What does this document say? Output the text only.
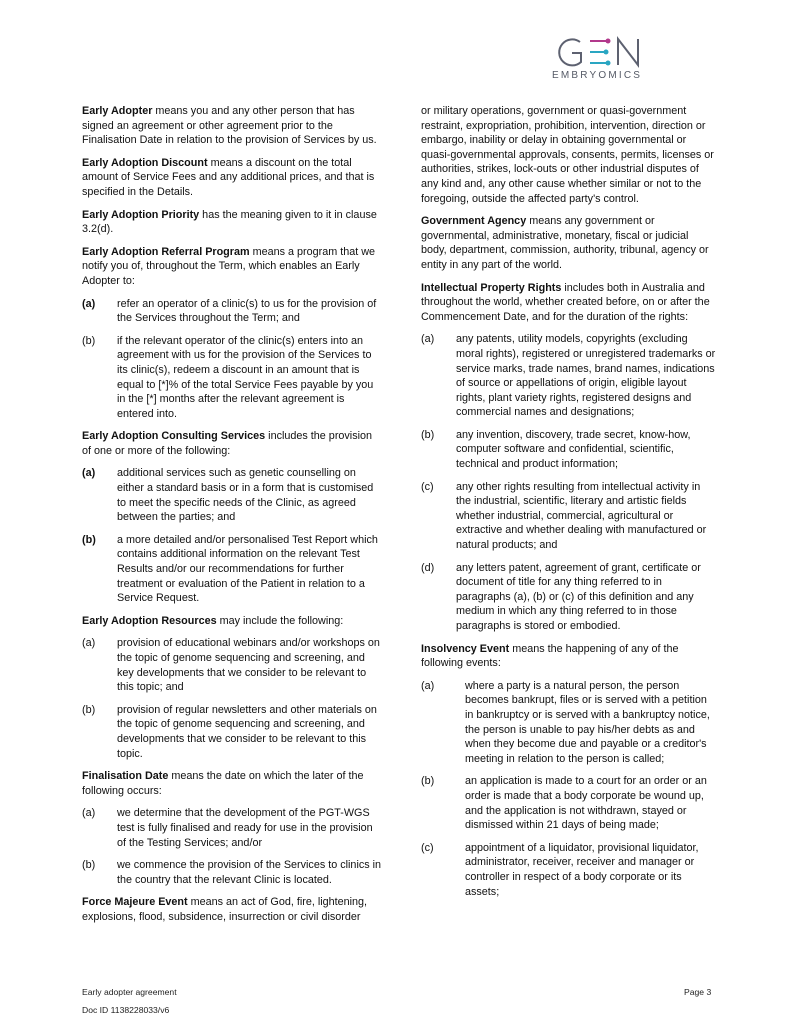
EMBRYOMICS

Early Adopter means you and any other person that has signed an agreement or other agreement prior to the Finalisation Date in relation to the provision of Services by us.

Early Adoption Discount means a discount on the total amount of Service Fees and any additional prices, and that is specified in the Details.

Early Adoption Priority has the meaning given to it in clause 3.2(d).

Early Adoption Referral Program means a program that we notify you of, throughout the Term, which enables an Early Adopter to:

(a) refer an operator of a clinic(s) to us for the provision of the Services throughout the Term; and
(b) if the relevant operator of the clinic(s) enters into an agreement with us for the provision of the Services to its clinic(s), redeem a discount in an amount that is equal to [*]% of the total Service Fees payable by you in the [*] months after the relevant agreement is entered into.

Early Adoption Consulting Services includes the provision of one or more of the following:

(a) additional services such as genetic counselling on either a standard basis or in a form that is customised to meet the specific needs of the Clinic, as agreed between the parties; and
(b) a more detailed and/or personalised Test Report which contains additional information on the relevant Test Results and/or our recommendations for further treatment or evaluation of the Patient in relation to a Service Request.

Early Adoption Resources may include the following:

(a) provision of educational webinars and/or workshops on the topic of genome sequencing and screening, and key developments that we consider to be relevant to this topic; and
(b) provision of regular newsletters and other materials on the topic of genome sequencing and screening, and developments that we consider to be relevant to this topic.

Finalisation Date means the date on which the later of the following occurs:

(a) we determine that the development of the PGT-WGS test is fully finalised and ready for use in the provision of the Testing Services; and/or
(b) we commence the provision of the Services to clinics in the country that the relevant Clinic is located.

Force Majeure Event means an act of God, fire, lightening, explosions, flood, subsidence, insurrection or civil disorder

or military operations, government or quasi-government restraint, expropriation, prohibition, intervention, direction or embargo, inability or delay in obtaining governmental or quasi-governmental approvals, consents, permits, licenses or authorities, strikes, lock-outs or other industrial disputes of any kind and, any other cause whether similar or not to the foregoing, outside the affected party's control.

Government Agency means any government or governmental, administrative, monetary, fiscal or judicial body, department, commission, authority, tribunal, agency or entity in any part of the world.

Intellectual Property Rights includes both in Australia and throughout the world, whether created before, on or after the Commencement Date, and for the duration of the rights:

(a) any patents, utility models, copyrights (excluding moral rights), registered or unregistered trademarks or service marks, trade names, brand names, indications of source or appellations of origin, eligible layout rights, plant variety rights, registered designs and commercial names and designations;
(b) any invention, discovery, trade secret, know-how, computer software and confidential, scientific, technical and product information;
(c) any other rights resulting from intellectual activity in the industrial, scientific, literary and artistic fields whether industrial, commercial, agricultural or extractive and whether dealing with manufactured or natural products; and
(d) any letters patent, agreement of grant, certificate or document of title for any thing referred to in paragraphs (a), (b) or (c) of this definition and any medium in which any thing referred to in those paragraphs is stored or embodied.

Insolvency Event means the happening of any of the following events:

(a)	where a party is a natural person, the person becomes bankrupt, files or is served with a petition in bankruptcy or is served with a bankruptcy notice, the person is unable to pay his/her debts as and when they become due and payable or a creditor's meeting in relation to the person is called;
(b)	an application is made to a court for an order or an order is made that a body corporate be wound up, and the application is not withdrawn, stayed or dismissed within 21 days of being made;
(c)	appointment of a liquidator, provisional liquidator, administrator, receiver, receiver and manager or controller in respect of a body corporate or its assets;
Early adopter agreement
Doc ID 1138228033/v6
Page 3
